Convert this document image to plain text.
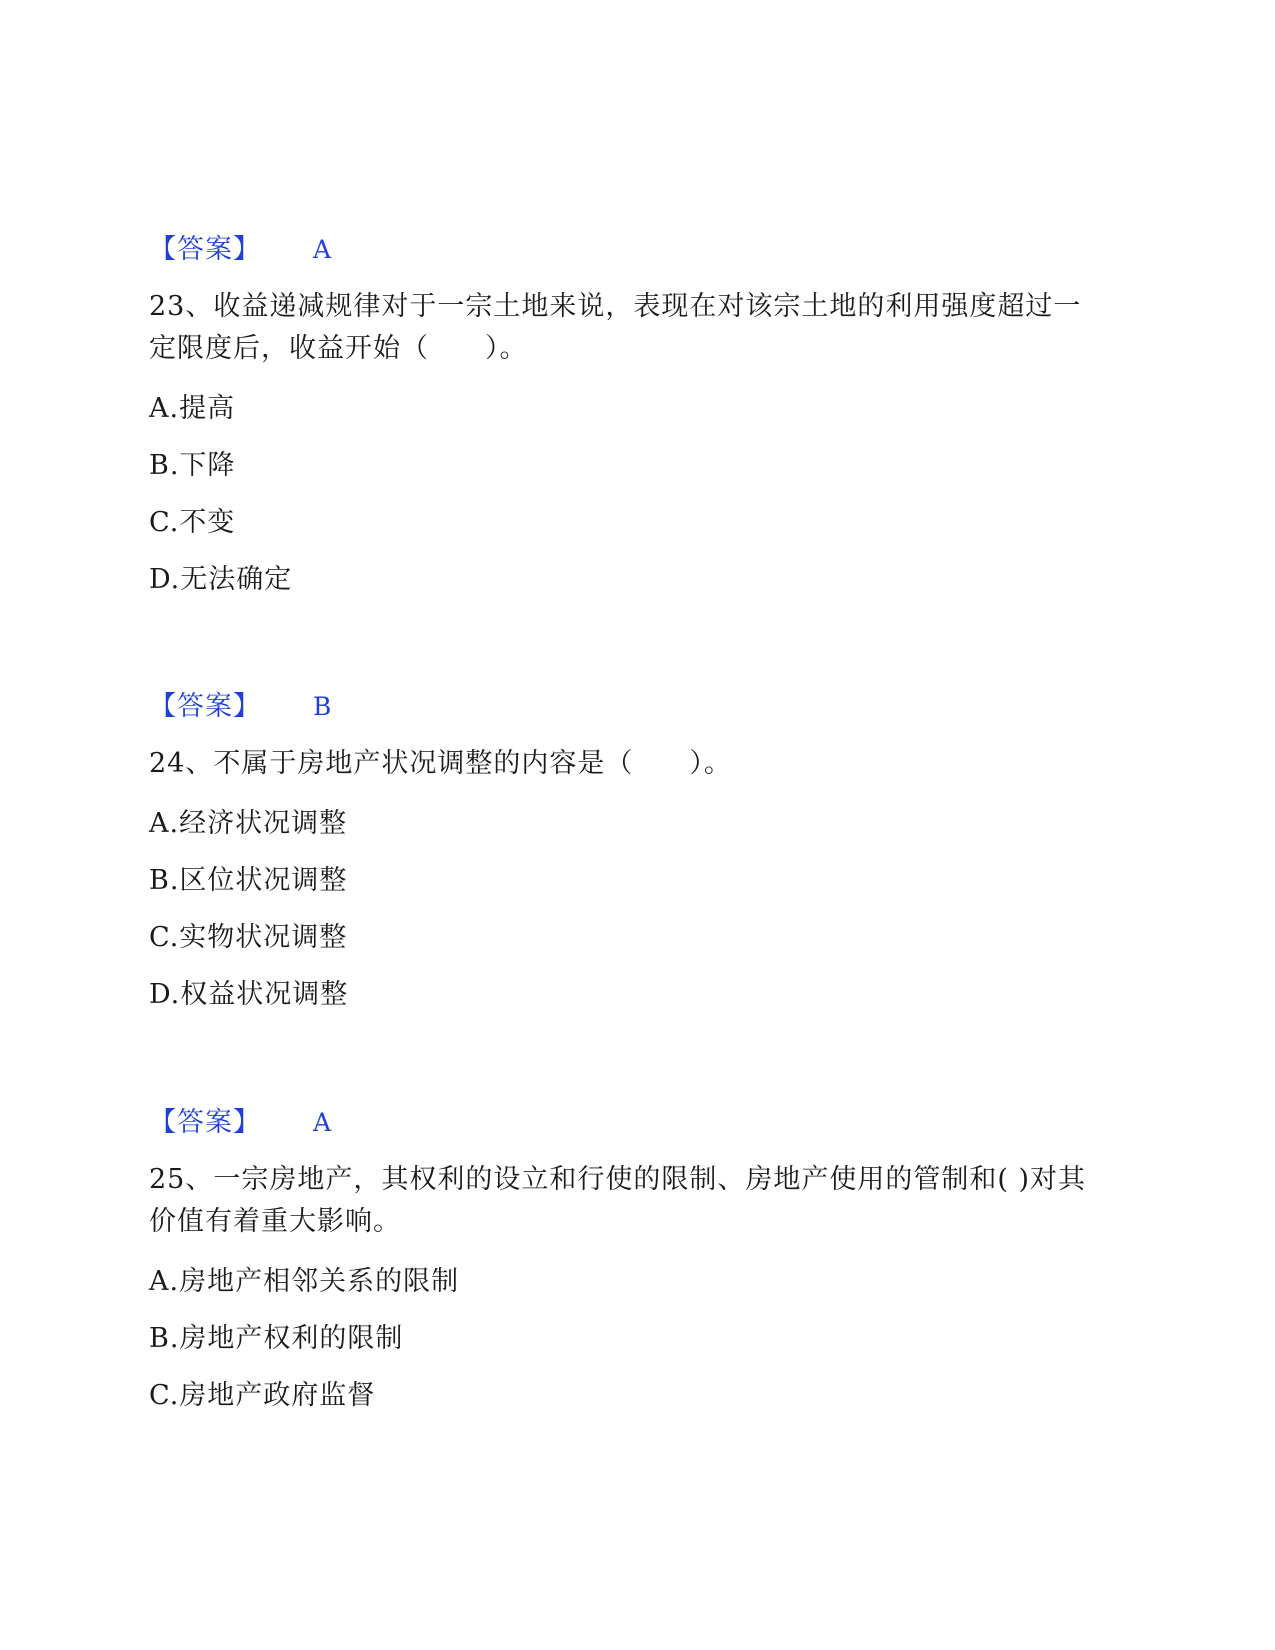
【答案】 A
23、收益递减规律对于一宗土地来说，表现在对该宗土地的利用强度超过一定限度后，收益开始（　　）。
A.提高
B.下降
C.不变
D.无法确定
【答案】 B
24、不属于房地产状况调整的内容是（　　）。
A.经济状况调整
B.区位状况调整
C.实物状况调整
D.权益状况调整
【答案】 A
25、一宗房地产，其权利的设立和行使的限制、房地产使用的管制和( )对其价值有着重大影响。
A.房地产相邻关系的限制
B.房地产权利的限制
C.房地产政府监督
